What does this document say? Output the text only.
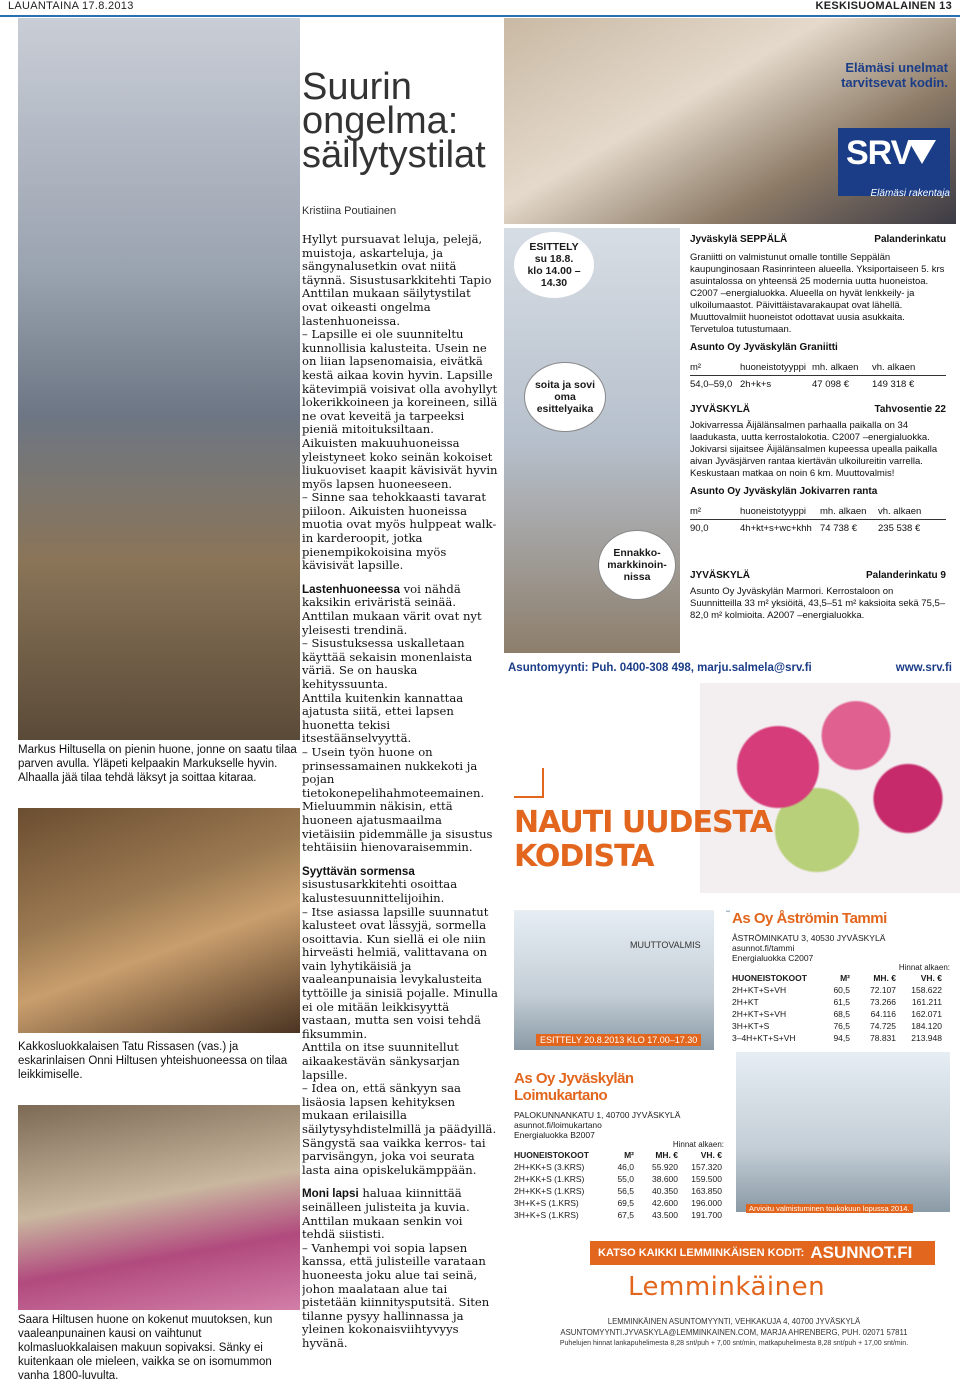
LAUANTAINA 17.8.2013	KESKISUOMALAINEN 13
Markus Hiltusella on pienin huone, jonne on saatu tilaa parven avulla. Yläpeti kelpaakin Markukselle hyvin. Alhaalla jää tilaa tehdä läksyt ja soittaa kitaraa.
Kakkosluokkalaisen Tatu Rissasen (vas.) ja eskarinlaisen Onni Hiltusen yhteishuoneessa on tilaa leikkimiselle.
Saara Hiltusen huone on kokenut muutoksen, kun vaaleanpunainen kausi on vaihtunut kolmasluokkalaisen makuun sopivaksi. Sänky ei kuitenkaan ole mieleen, vaikka se on isomummon vanha 1800-luvulta.
Suurin
ongelma:
säilytystilat
Kristiina Poutiainen

Hyllyt pursuavat leluja, pelejä, muistoja, askarteluja, ja sängynalusetkin ovat niitä täynnä. Sisustusarkkitehti Tapio Anttilan mukaan säilytystilat ovat oikeasti ongelma lastenhuoneissa.

– Lapsille ei ole suunniteltu kunnollisia kalusteita. Usein ne on liian lapsenomaisia, eivätkä kestä aikaa kovin hyvin. Lapsille kätevimpiä voisivat olla avohyllyt lokerikkoineen ja koreineen, sillä ne ovat keveitä ja tarpeeksi pieniä mitoituksiltaan.

Aikuisten makuuhuoneissa yleistyneet koko seinän kokoiset liukuoviset kaapit kävisivät hyvin myös lapsen huoneeseen.

– Sinne saa tehokkaasti tavarat piiloon. Aikuisten huoneissa muotia ovat myös hulppeat walk-in karderoopit, jotka pienempikokoisina myös kävisivät lapsille.

Lastenhuoneessa voi nähdä kaksikin eriväristä seinää. Anttilan mukaan värit ovat nyt yleisesti trendinä.

– Sisustuksessa uskalletaan käyttää sekaisin monenlaista väriä. Se on hauska kehityssuunta.

Anttila kuitenkin kannattaa ajatusta siitä, ettei lapsen huonetta tekisi itsestäänselvyyttä.

– Usein työn huone on prinsessamainen nukkekoti ja pojan tietokonepelihahmoteemainen. Mieluummin näkisin, että huoneen ajatusmaailma vietäisiin pidemmälle ja sisustus tehtäisiin hienovaraisemmin.

Syyttävän sormensa sisustusarkkitehti osoittaa kalustesuunnittelijoihin.

– Itse asiassa lapsille suunnatut kalusteet ovat lässyjä, sormella osoittavia. Kun siellä ei ole niin hirveästi helmiä, valittavana on vain lyhytikäisiä ja vaaleanpunaisia levykalusteita tyttöille ja sinisiä pojalle. Minulla ei ole mitään leikkisyyttä vastaan, mutta sen voisi tehdä fiksummin.

Anttila on itse suunnitellut aikaakestävän sänkysarjan lapsille.

– Idea on, että sänkyyn saa lisäosia lapsen kehityksen mukaan erilaisilla säilytysyhdistelmillä ja päädyillä. Sängystä saa vaikka kerros- tai parvisängyn, joka voi seurata lasta aina opiskelukämppään.

Moni lapsi haluaa kiinnittää seinälleen julisteita ja kuvia. Anttilan mukaan senkin voi tehdä siististi.

– Vanhempi voi sopia lapsen kanssa, että julisteille varataan huoneesta joku alue tai seinä, johon maalataan alue tai pistetään kiinnitysputsitä. Siten tilanne pysyy hallinnassa ja yleinen kokonaisviihtyvyys hyvänä.

Elämäsi unelmat
tarvitsevat kodin.
SRV
Elämäsi rakentaja
ESITTELY
su 18.8.
klo 14.00 –
14.30
soita ja sovi
oma
esittelyaika
Ennakko-
markkinoin-
nissa
Jyväskylä SEPPÄLÄ	Palanderinkatu
Graniitti on valmistunut omalle tontille Seppälän kaupunginosaan Rasinrinteen alueella. Yksiportaiseen 5. krs asuintalossa on yhteensä 25 modernia uutta huoneistoa. C2007 –energialuokka. Alueella on hyvät lenkkeily- ja ulkoilumaastot. Päivittäistavarakaupat ovat lähellä. Muuttovalmiit huoneistot odottavat uusia asukkaita. Tervetuloa tutustumaan.
Asunto Oy Jyväskylän Graniitti
m²	huoneistotyyppi mh. alkaen	vh. alkaen
54,0–59,0 2h+k+s	47 098 €	149 318 €
JYVÄSKYLÄ	Tahvosentie 22
Jokivarressa Äijälänsalmen parhaalla paikalla on 34 laadukasta, uutta kerrostalokotia. C2007 –energialuokka. Jokivarsi sijaitsee Äijälänsalmen kupeessa upealla paikalla aivan Jyväsjärven rantaa kiertävän ulkoilureitin varrella. Keskustaan matkaa on noin 6 km. Muuttovalmis!
Asunto Oy Jyväskylän Jokivarren ranta
m²	huoneistotyyppi	mh. alkaen	vh. alkaen
90,0	4h+kt+s+wc+khh 74 738 €	235 538 €
JYVÄSKYLÄ	Palanderinkatu 9
Asunto Oy Jyväskylän Marmori. Kerrostaloon on Suunnitteilla 33 m² yksiöitä, 43,5–51 m² kaksioita sekä 75,5–82,0 m² kolmioita. A2007 –energialuokka.
Asuntomyynti: Puh. 0400-308 498, marju.salmela@srv.fi	www.srv.fi
NAUTI UUDESTA
KODISTA
MUUTTOVALMIS
ESITTELY 20.8.2013 KLO 17.00–17.30
As Oy Jyväskylän Loimukartano
PALOKUNNANKATU 1, 40700 JYVÄSKYLÄ
asunnot.fi/loimukartano
Energialuokka B2007
Hinnat alkaen:
HUONEISTOKOOT	M²	MH. €	VH. €
2H+KK+S (3.KRS)	46,0	55.920	157.320
2H+KK+S (1.KRS)	55,0	38.600	159.500
2H+KK+S (1.KRS)	56,5	40.350	163.850
3H+K+S (1.KRS)	69,5	42.600	196.000
3H+K+S (1.KRS)	67,5	43.500	191.700
As Oy Åströmin Tammi
ÅSTRÖMINKATU 3, 40530 JYVÄSKYLÄ
asunnot.fi/tammi
Energialuokka C2007
Hinnat alkaen:
HUONEISTOKOOT	M²	MH. €	VH. €
2H+KT+S+VH	60,5	72.107	158.622
2H+KT	61,5	73.266	161.211
2H+KT+S+VH	68,5	64.116	162.071
3H+KT+S	76,5	74.725	184.120
3–4H+KT+S+VH	94,5	78.831	213.948
Arvioitu valmistuminen toukokuun lopussa 2014.
KATSO KAIKKI LEMMINKÄISEN KODIT: ASUNNOT.FI
Lemminkäinen
LEMMINKÄINEN ASUNTOMYYNTI, VEHKAKUJA 4, 40700 JYVÄSKYLÄ
ASUNTOMYYNTI.JYVASKYLA@LEMMINKAINEN.COM, MARJA AHRENBERG, PUH. 02071 57811
Puhelujen hinnat lankapuhelimesta 8,28 snt/puh + 7,00 snt/min, matkapuhelimesta 8,28 snt/puh + 17,00 snt/min.
